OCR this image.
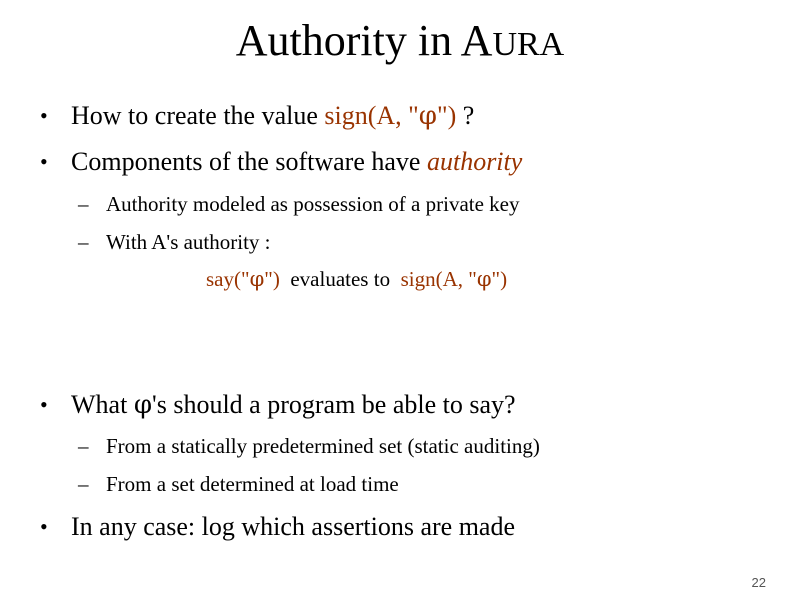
Authority in AURA
• How to create the value sign(A, "φ") ?
• Components of the software have authority
– Authority modeled as possession of a private key
– With A's authority :
say("φ")  evaluates to  sign(A, "φ")
• What φ's should a program be able to say?
– From a statically predetermined set (static auditing)
– From a set determined at load time
• In any case: log which assertions are made
22
